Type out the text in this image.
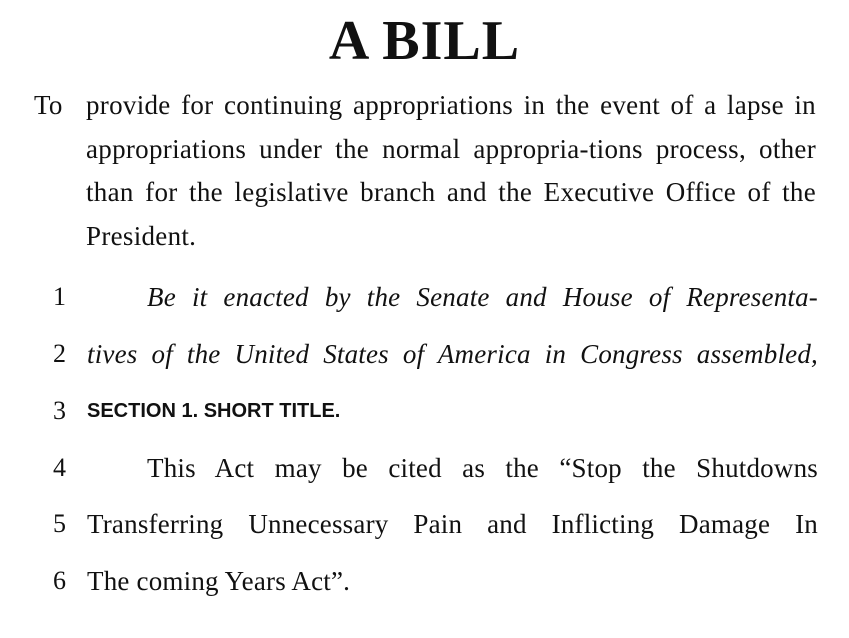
A BILL

To provide for continuing appropriations in the event of a lapse in appropriations under the normal appropria-tions process, other than for the legislative branch and the Executive Office of the President.

1	Be it enacted by the Senate and House of Representa-
2 tives of the United States of America in Congress assembled,
3 SECTION 1. SHORT TITLE.
4	This Act may be cited as the “Stop the Shutdowns
5 Transferring Unnecessary Pain and Inflicting Damage In
6 The coming Years Act”.
